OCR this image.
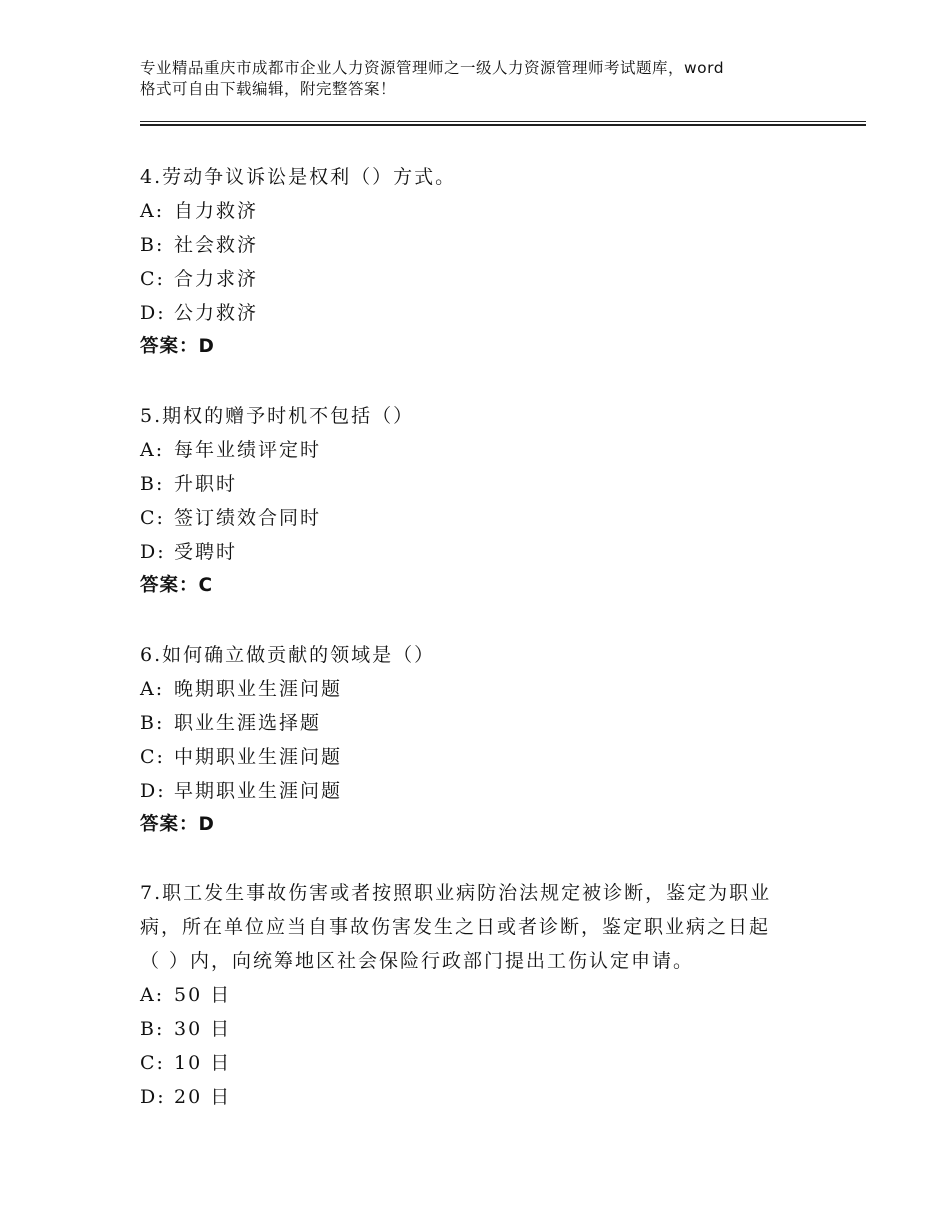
专业精品重庆市成都市企业人力资源管理师之一级人力资源管理师考试题库，word
格式可自由下载编辑，附完整答案！
4.劳动争议诉讼是权利（）方式。
A: 自力救济
B: 社会救济
C: 合力求济
D: 公力救济
答案：D
5.期权的赠予时机不包括（）
A: 每年业绩评定时
B: 升职时
C: 签订绩效合同时
D: 受聘时
答案：C
6.如何确立做贡献的领域是（）
A: 晚期职业生涯问题
B: 职业生涯选择题
C: 中期职业生涯问题
D: 早期职业生涯问题
答案：D
7.职工发生事故伤害或者按照职业病防治法规定被诊断，鉴定为职业
病，所在单位应当自事故伤害发生之日或者诊断，鉴定职业病之日起
（ ）内，向统筹地区社会保险行政部门提出工伤认定申请。
A: 50 日
B: 30 日
C: 10 日
D: 20 日
